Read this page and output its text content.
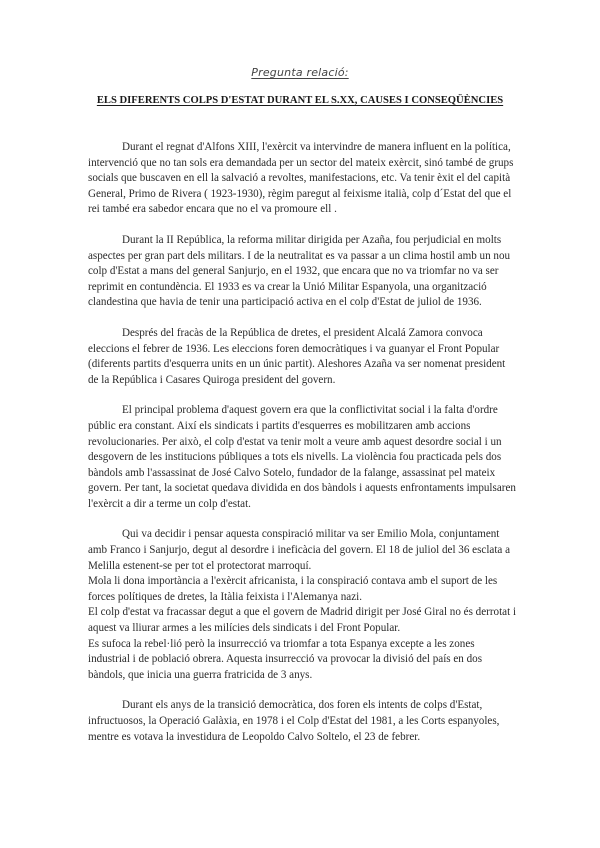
Pregunta relació:
ELS DIFERENTS COLPS D'ESTAT DURANT EL S.XX, CAUSES I CONSEQÜÈNCIES

Durant el regnat d'Alfons XIII, l'exèrcit va intervindre de manera influent en la política, intervenció que no tan sols era demandada per un sector del mateix exèrcit, sinó també de grups socials que buscaven en ell la salvació a revoltes, manifestacions, etc. Va tenir èxit el del capità General, Primo de Rivera ( 1923-1930), règim paregut al feixisme italià, colp d´Estat del que el rei també era sabedor encara que no el va promoure ell .

Durant la II República, la reforma militar dirigida per Azaña, fou perjudicial en molts aspectes per gran part dels militars. I de la neutralitat es va passar a un clima hostil amb un nou colp d'Estat a mans del general Sanjurjo, en el 1932, que encara que no va triomfar no va ser reprimit en contundència. El 1933 es va crear la Unió Militar Espanyola, una organització clandestina que havia de tenir una participació activa en el colp d'Estat de juliol de 1936.

Després del fracàs de la República de dretes, el president Alcalá Zamora convoca eleccions el febrer de 1936. Les eleccions foren democràtiques i va guanyar el Front Popular (diferents partits d'esquerra units en un únic partit). Aleshores Azaña va ser nomenat president de la República i Casares Quiroga president del govern.

El principal problema d'aquest govern era que la conflictivitat social i la falta d'ordre públic era constant. Així els sindicats i partits d'esquerres es mobilitzaren amb accions revolucionaries. Per això, el colp d'estat va tenir molt a veure amb aquest desordre social i un desgovern de les institucions públiques a tots els nivells. La violència fou practicada pels dos bàndols amb l'assassinat de José Calvo Sotelo, fundador de la falange, assassinat pel mateix govern. Per tant, la societat quedava dividida en dos bàndols i aquests enfrontaments impulsaren l'exèrcit a dir a terme un colp d'estat.

Qui va decidir i pensar aquesta conspiració militar va ser Emilio Mola, conjuntament amb Franco i Sanjurjo, degut al desordre i ineficàcia del govern. El 18 de juliol del 36 esclata a Melilla estenent-se per tot el protectorat marroquí.

Mola li dona importància a l'exèrcit africanista, i la conspiració contava amb el suport de les forces polítiques de dretes, la Itàlia feixista i l'Alemanya nazi.

El colp d'estat va fracassar degut a que el govern de Madrid dirigit per José Giral no és derrotat i aquest va lliurar armes a les milícies dels sindicats i del Front Popular.

Es sufoca la rebel·lió però la insurrecció va triomfar a tota Espanya excepte a les zones industrial i de població obrera. Aquesta insurrecció va provocar la divisió del país en dos bàndols, que inicia una guerra fratricida de 3 anys.

Durant els anys de la transició democràtica, dos foren els intents de colps d'Estat, infructuosos, la Operació Galàxia, en 1978 i el Colp d'Estat del 1981, a les Corts espanyoles, mentre es votava la investidura de Leopoldo Calvo Soltelo, el 23 de febrer.
